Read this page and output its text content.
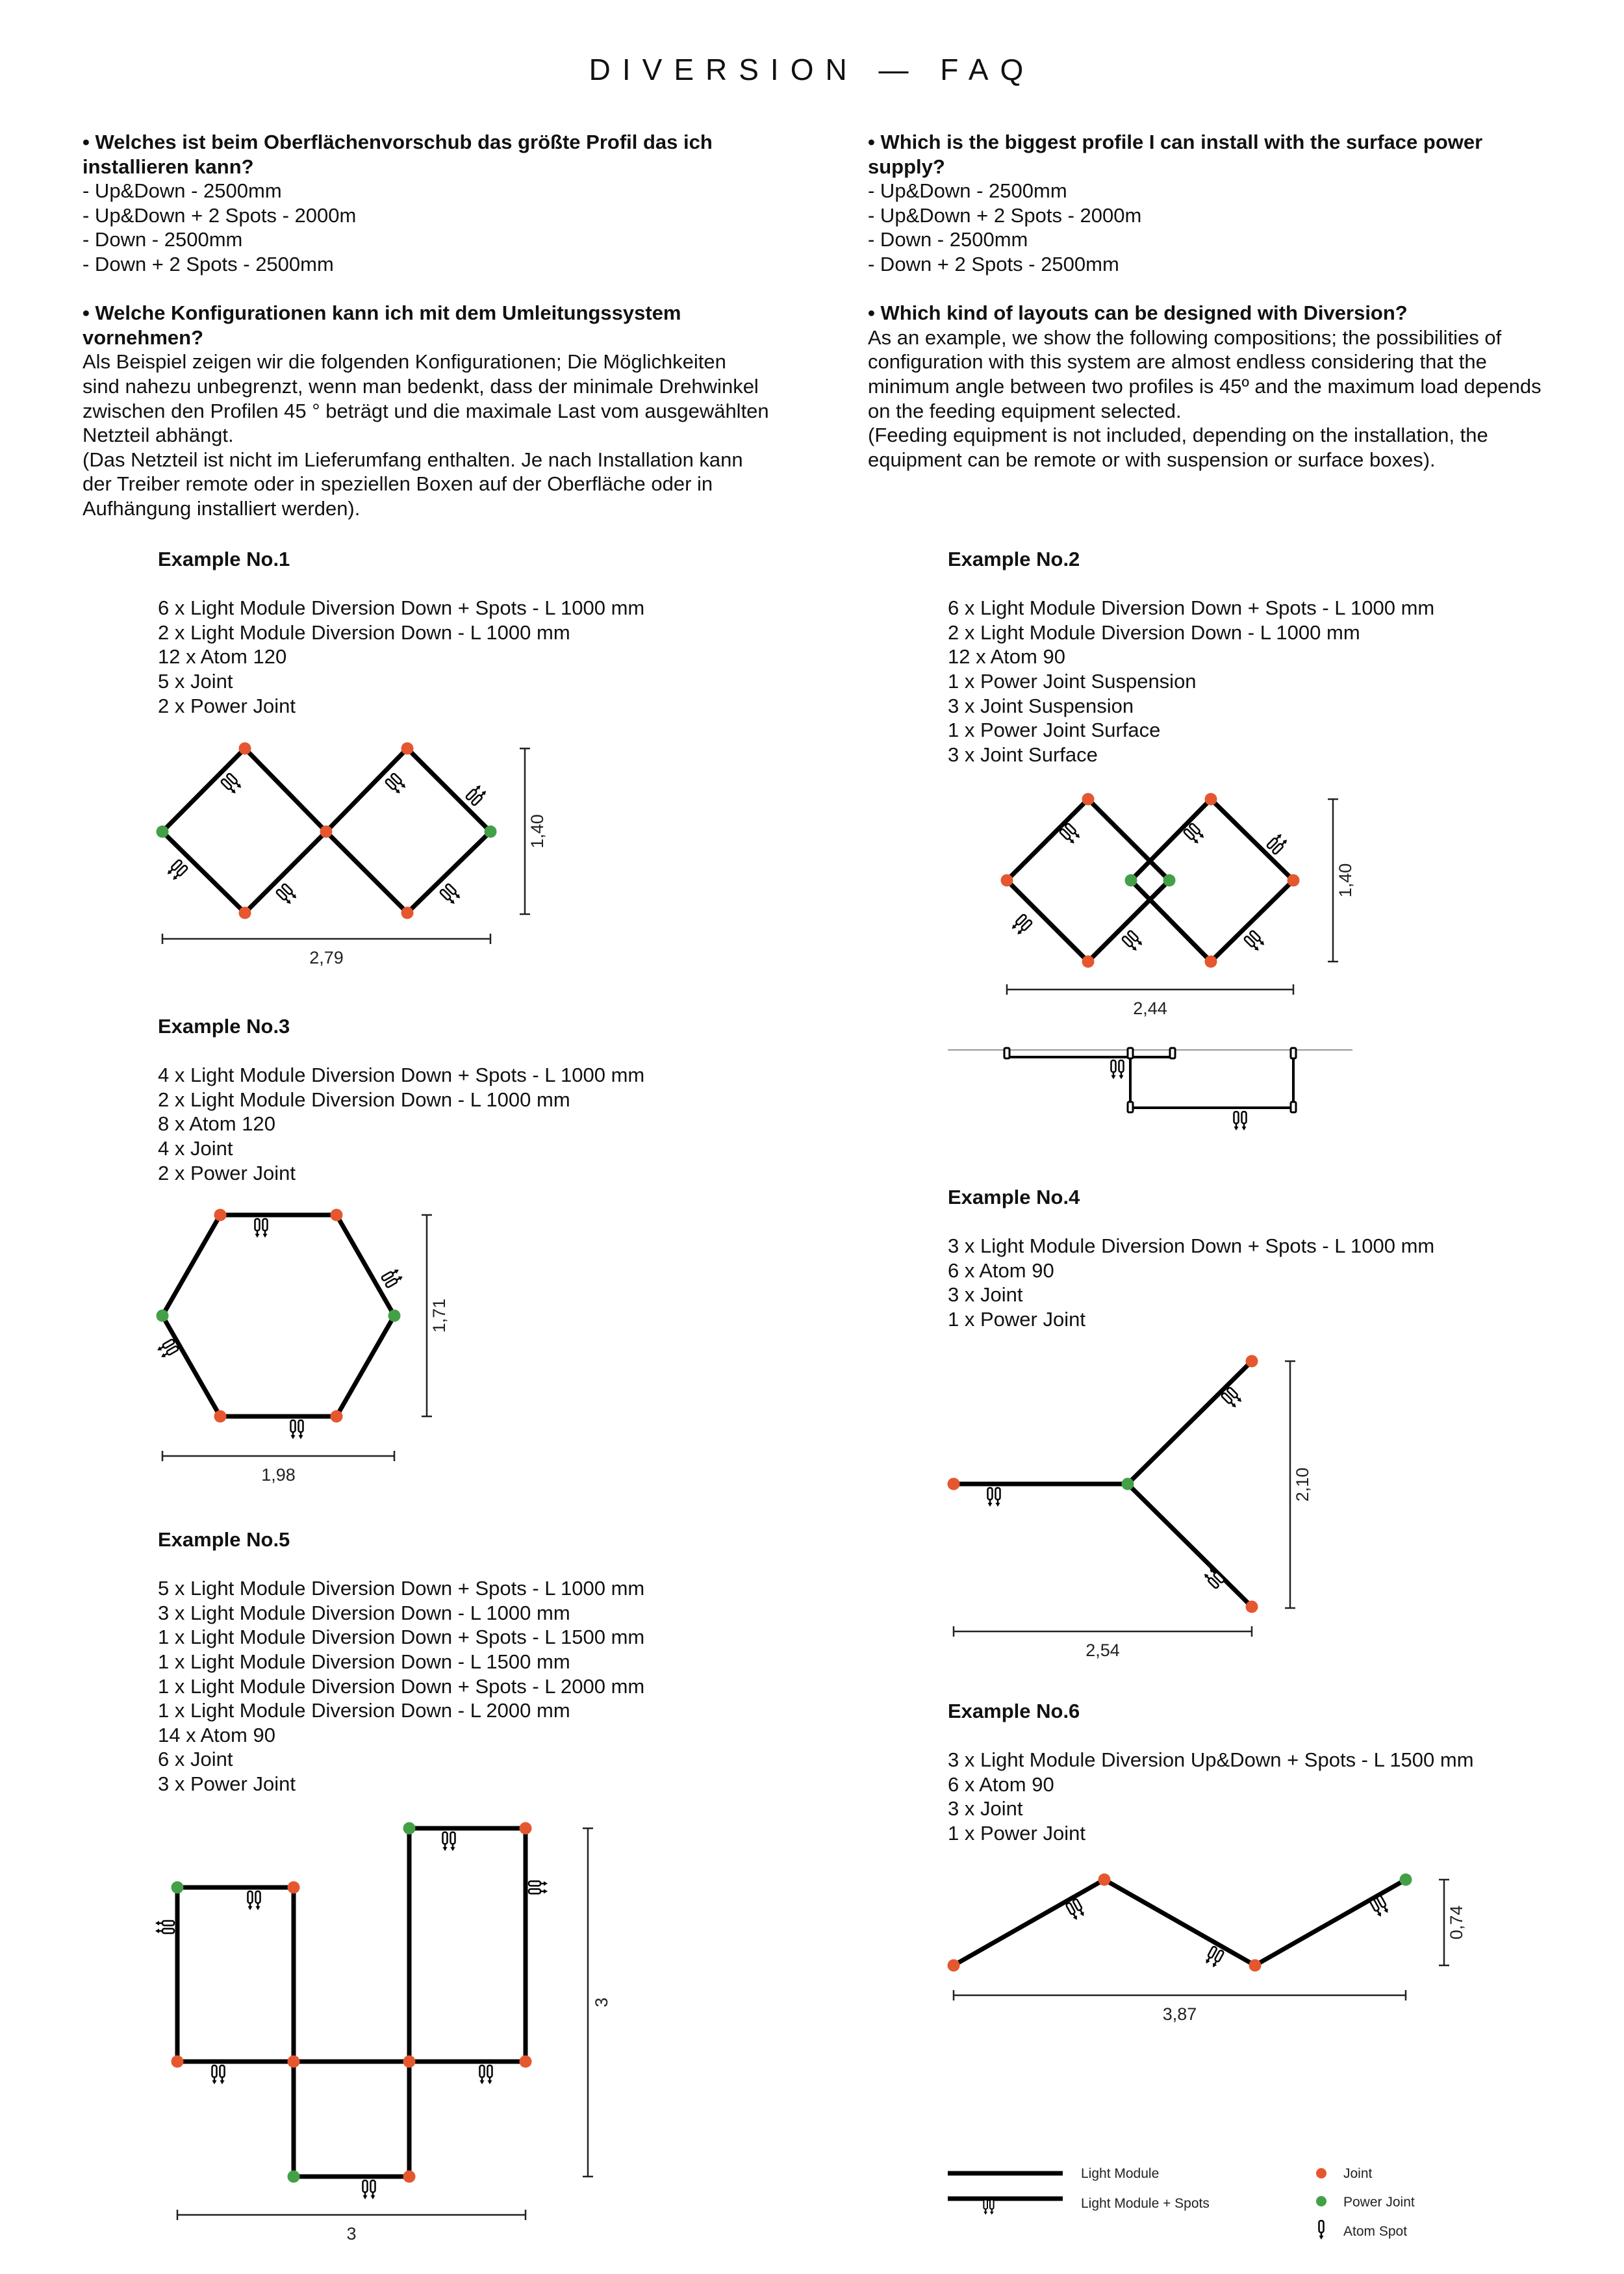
DIVERSION — FAQ
• Welches ist beim Oberflächenvorschub das größte Profil das ich
installieren kann?
- Up&Down - 2500mm
- Up&Down + 2 Spots - 2000m
- Down - 2500mm
- Down + 2 Spots - 2500mm
• Welche Konfigurationen kann ich mit dem Umleitungssystem
vornehmen?
Als Beispiel zeigen wir die folgenden Konfigurationen; Die Möglichkeiten
sind nahezu unbegrenzt, wenn man bedenkt, dass der minimale Drehwinkel
zwischen den Profilen 45 ° beträgt und die maximale Last vom ausgewählten
Netzteil abhängt.
(Das Netzteil ist nicht im Lieferumfang enthalten. Je nach Installation kann
der Treiber remote oder in speziellen Boxen auf der Oberfläche oder in
Aufhängung installiert werden).
• Which is the biggest profile I can install with the surface power
supply?
- Up&Down - 2500mm
- Up&Down + 2 Spots - 2000m
- Down - 2500mm
- Down + 2 Spots - 2500mm
• Which kind of layouts can be designed with Diversion?
As an example, we show the following compositions; the possibilities of
configuration with this system are almost endless considering that the
minimum angle between two profiles is 45º and the maximum load depends
on the feeding equipment selected.
(Feeding equipment is not included, depending on the installation, the
equipment can be remote or with suspension or surface boxes).
Example No.1
6 x Light Module Diversion Down + Spots - L 1000 mm
2 x Light Module Diversion Down - L 1000 mm
12 x Atom 120
5 x Joint
2 x Power Joint
Example No.2
6 x Light Module Diversion Down + Spots - L 1000 mm
2 x Light Module Diversion Down - L 1000 mm
12 x Atom 90
1 x Power Joint Suspension
3 x Joint Suspension
1 x Power Joint Surface
3 x Joint Surface
Example No.3
4 x Light Module Diversion Down + Spots - L 1000 mm
2 x Light Module Diversion Down - L 1000 mm
8 x Atom 120
4 x Joint
2 x Power Joint
Example No.4
3 x Light Module Diversion Down + Spots - L 1000 mm
6 x Atom 90
3 x Joint
1 x Power Joint
Example No.5
5 x Light Module Diversion Down + Spots - L 1000 mm
3 x Light Module Diversion Down - L 1000 mm
1 x Light Module Diversion Down + Spots - L 1500 mm
1 x Light Module Diversion Down - L 1500 mm
1 x Light Module Diversion Down + Spots - L 2000 mm
1 x Light Module Diversion Down - L 2000 mm
14 x Atom 90
6 x Joint
3 x Power Joint
Example No.6
3 x Light Module Diversion Up&Down + Spots - L 1500 mm
6 x Atom 90
3 x Joint
1 x Power Joint
1,40
2,79
1,40
2,44
1,71
1,98	2,10
2,54
3
3
0,74
3,87
Light Module
Light Module + Spots
Joint
Power Joint
Atom Spot
